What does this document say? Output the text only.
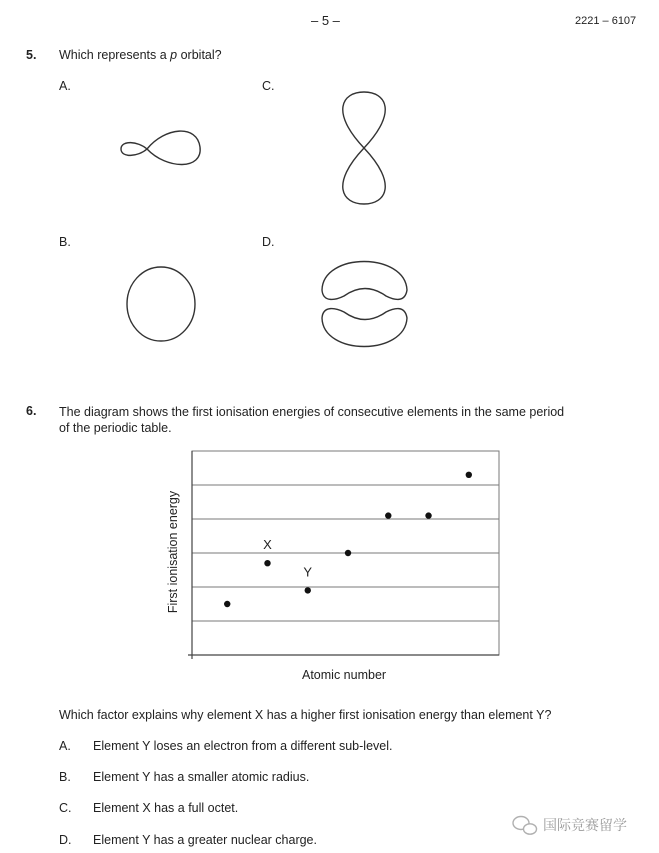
– 5 –	2221 – 6107
5. Which represents a p orbital?
A.	C.
B.	D.
6. The diagram shows the first ionisation energies of consecutive elements in the same period
of the periodic table.
X
Y
Atomic number
First ionisation energy
Which factor explains why element X has a higher first ionisation energy than element Y?
A. Element Y loses an electron from a different sub-level.
B. Element Y has a smaller atomic radius.
C. Element X has a full octet.
D. Element Y has a greater nuclear charge.
国际竞赛留学
